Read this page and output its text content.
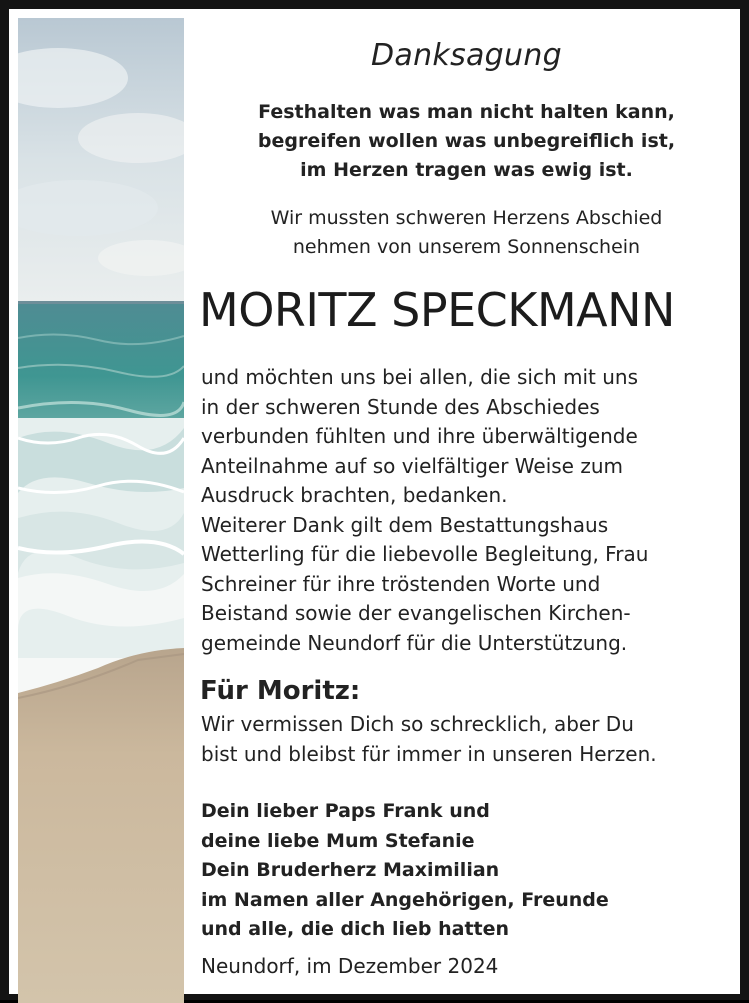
Danksagung
Festhalten was man nicht halten kann,
begreifen wollen was unbegreiflich ist,
im Herzen tragen was ewig ist.
Wir mussten schweren Herzens Abschied
nehmen von unserem Sonnenschein
MORITZ SPECKMANN
und möchten uns bei allen, die sich mit uns
in der schweren Stunde des Abschiedes
verbunden fühlten und ihre überwältigende
Anteilnahme auf so vielfältiger Weise zum
Ausdruck brachten, bedanken.
Weiterer Dank gilt dem Bestattungshaus
Wetterling für die liebevolle Begleitung, Frau
Schreiner für ihre tröstenden Worte und
Beistand sowie der evangelischen Kirchen-
gemeinde Neundorf für die Unterstützung.
Für Moritz:
Wir vermissen Dich so schrecklich, aber Du
bist und bleibst für immer in unseren Herzen.
Dein lieber Paps Frank und
deine liebe Mum Stefanie
Dein Bruderherz Maximilian
im Namen aller Angehörigen, Freunde
und alle, die dich lieb hatten
Neundorf, im Dezember 2024
